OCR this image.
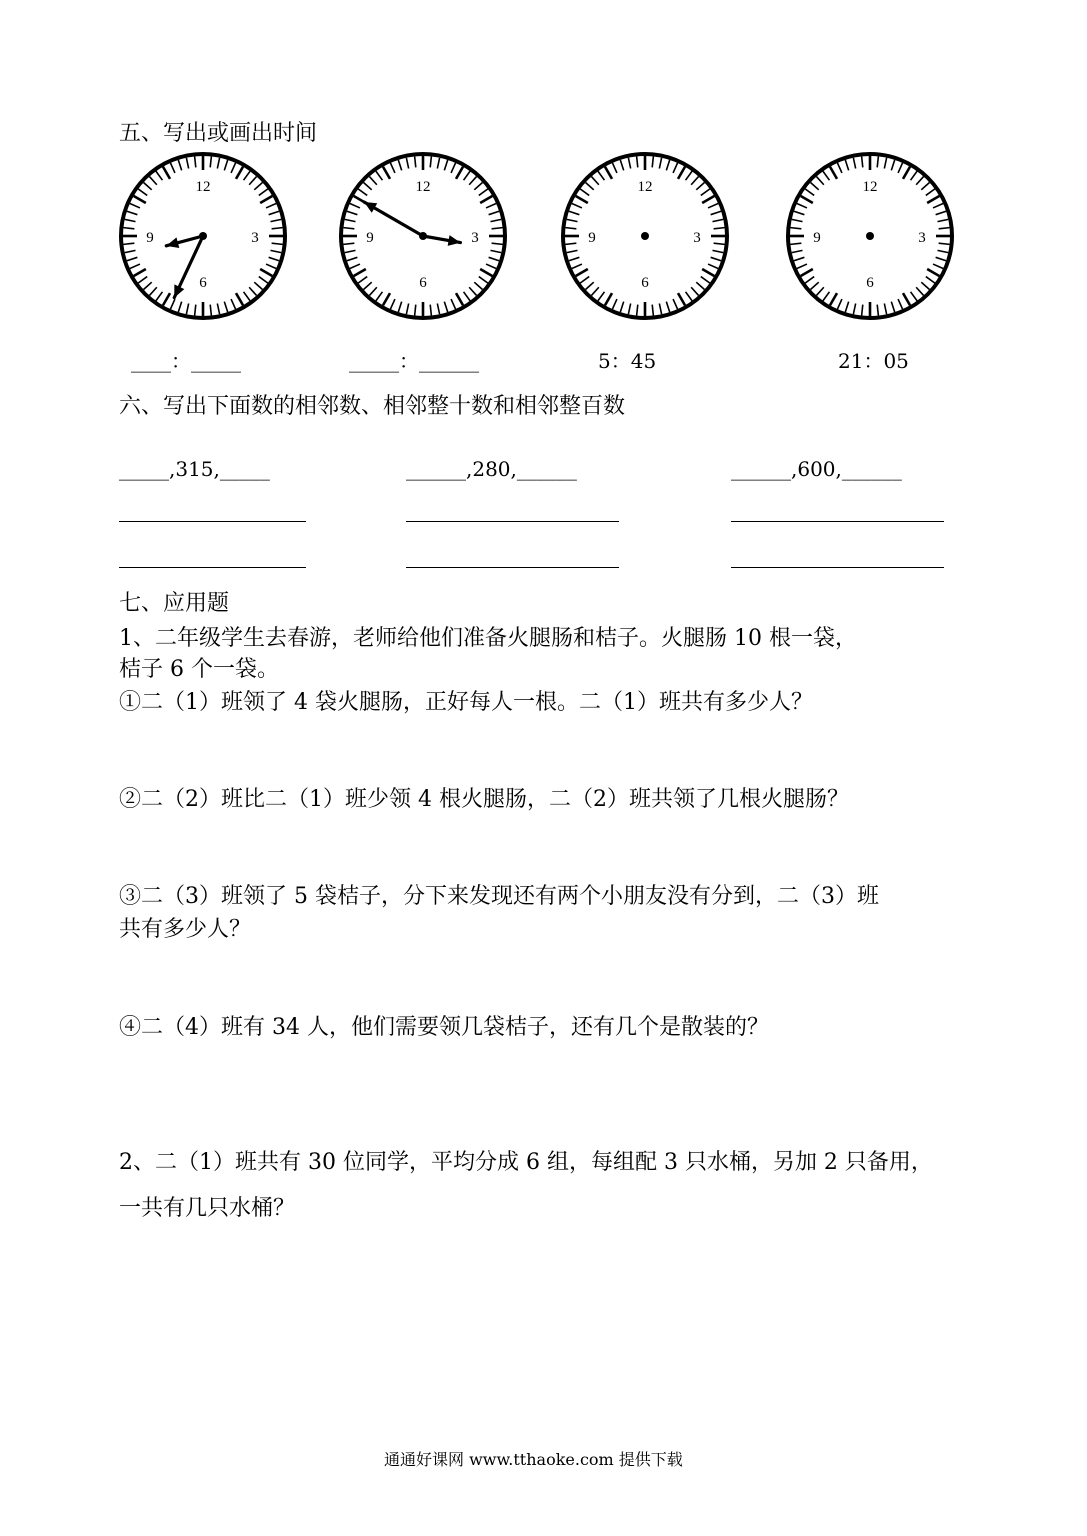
五、写出或画出时间
12
3
6
9
12
3
6
9
12
3
6
9
12
3
6
9
____：_____	_____：______	5：45	21：05
六、写出下面数的相邻数、相邻整十数和相邻整百数
_____,315,_____	______,280,______	______,600,______
七、应用题
1、二年级学生去春游，老师给他们准备火腿肠和桔子。火腿肠 10 根一袋，
桔子 6 个一袋。
①二（1）班领了 4 袋火腿肠，正好每人一根。二（1）班共有多少人？
②二（2）班比二（1）班少领 4 根火腿肠，二（2）班共领了几根火腿肠？
③二（3）班领了 5 袋桔子，分下来发现还有两个小朋友没有分到，二（3）班
共有多少人？
④二（4）班有 34 人，他们需要领几袋桔子，还有几个是散装的？
2、二（1）班共有 30 位同学，平均分成 6 组，每组配 3 只水桶，另加 2 只备用，
一共有几只水桶？
通通好课网 www.tthaoke.com 提供下载
